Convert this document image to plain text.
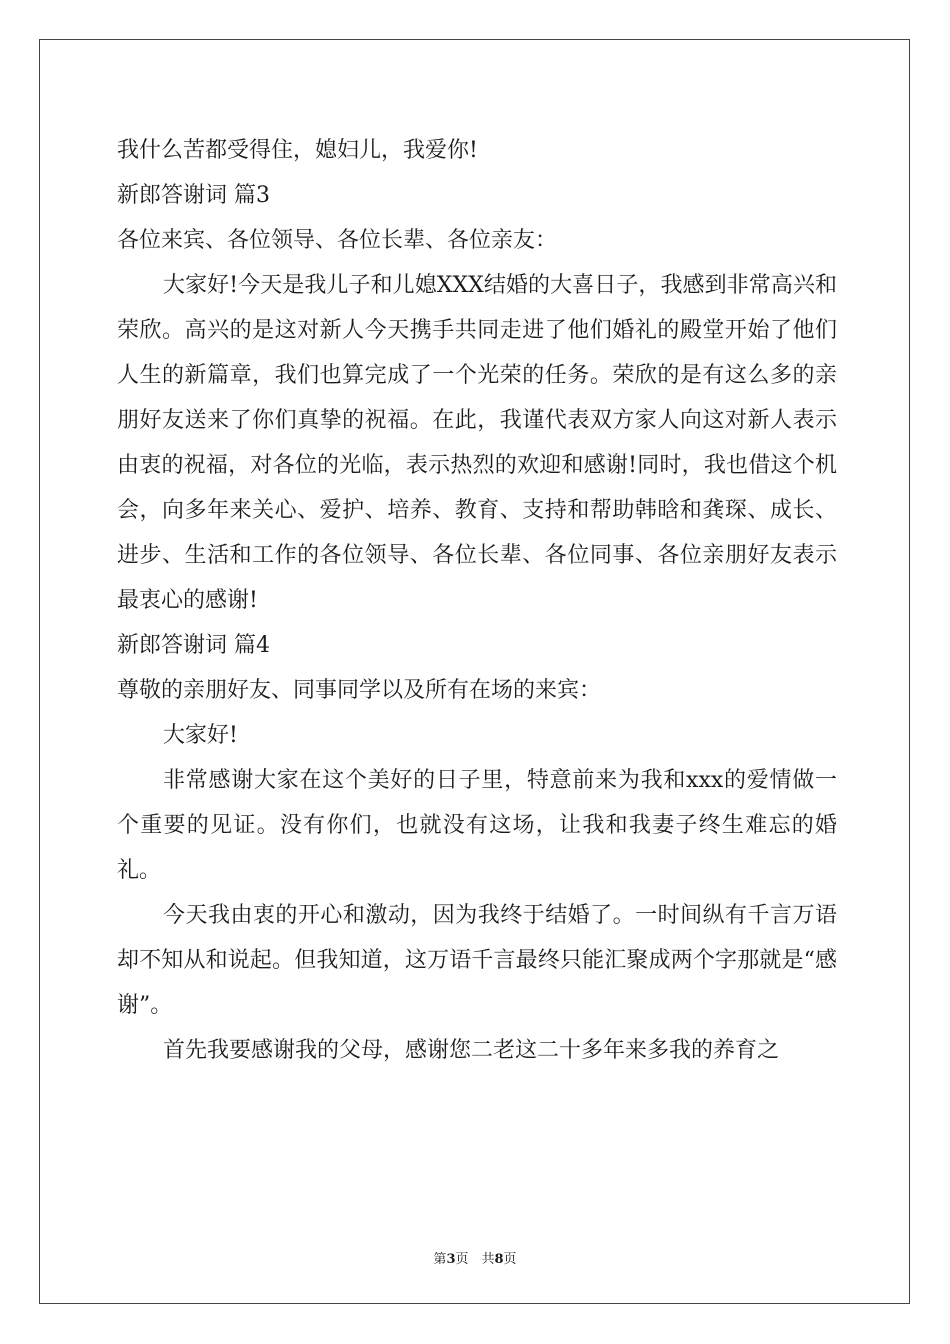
我什么苦都受得住，媳妇儿，我爱你!

新郎答谢词 篇3

各位来宾、各位领导、各位长辈、各位亲友：

大家好!今天是我儿子和儿媳XXX结婚的大喜日子，我感到非常高兴和荣欣。高兴的是这对新人今天携手共同走进了他们婚礼的殿堂开始了他们人生的新篇章，我们也算完成了一个光荣的任务。荣欣的是有这么多的亲朋好友送来了你们真挚的祝福。在此，我谨代表双方家人向这对新人表示由衷的祝福，对各位的光临，表示热烈的欢迎和感谢!同时，我也借这个机会，向多年来关心、爱护、培养、教育、支持和帮助韩晗和龚琛、成长、进步、生活和工作的各位领导、各位长辈、各位同事、各位亲朋好友表示最衷心的感谢!

新郎答谢词 篇4

尊敬的亲朋好友、同事同学以及所有在场的来宾：

大家好!

非常感谢大家在这个美好的日子里，特意前来为我和xxx的爱情做一个重要的见证。没有你们，也就没有这场，让我和我妻子终生难忘的婚礼。

今天我由衷的开心和激动，因为我终于结婚了。一时间纵有千言万语却不知从和说起。但我知道，这万语千言最终只能汇聚成两个字那就是“感谢”。

首先我要感谢我的父母，感谢您二老这二十多年来多我的养育之

第3页　共8页
